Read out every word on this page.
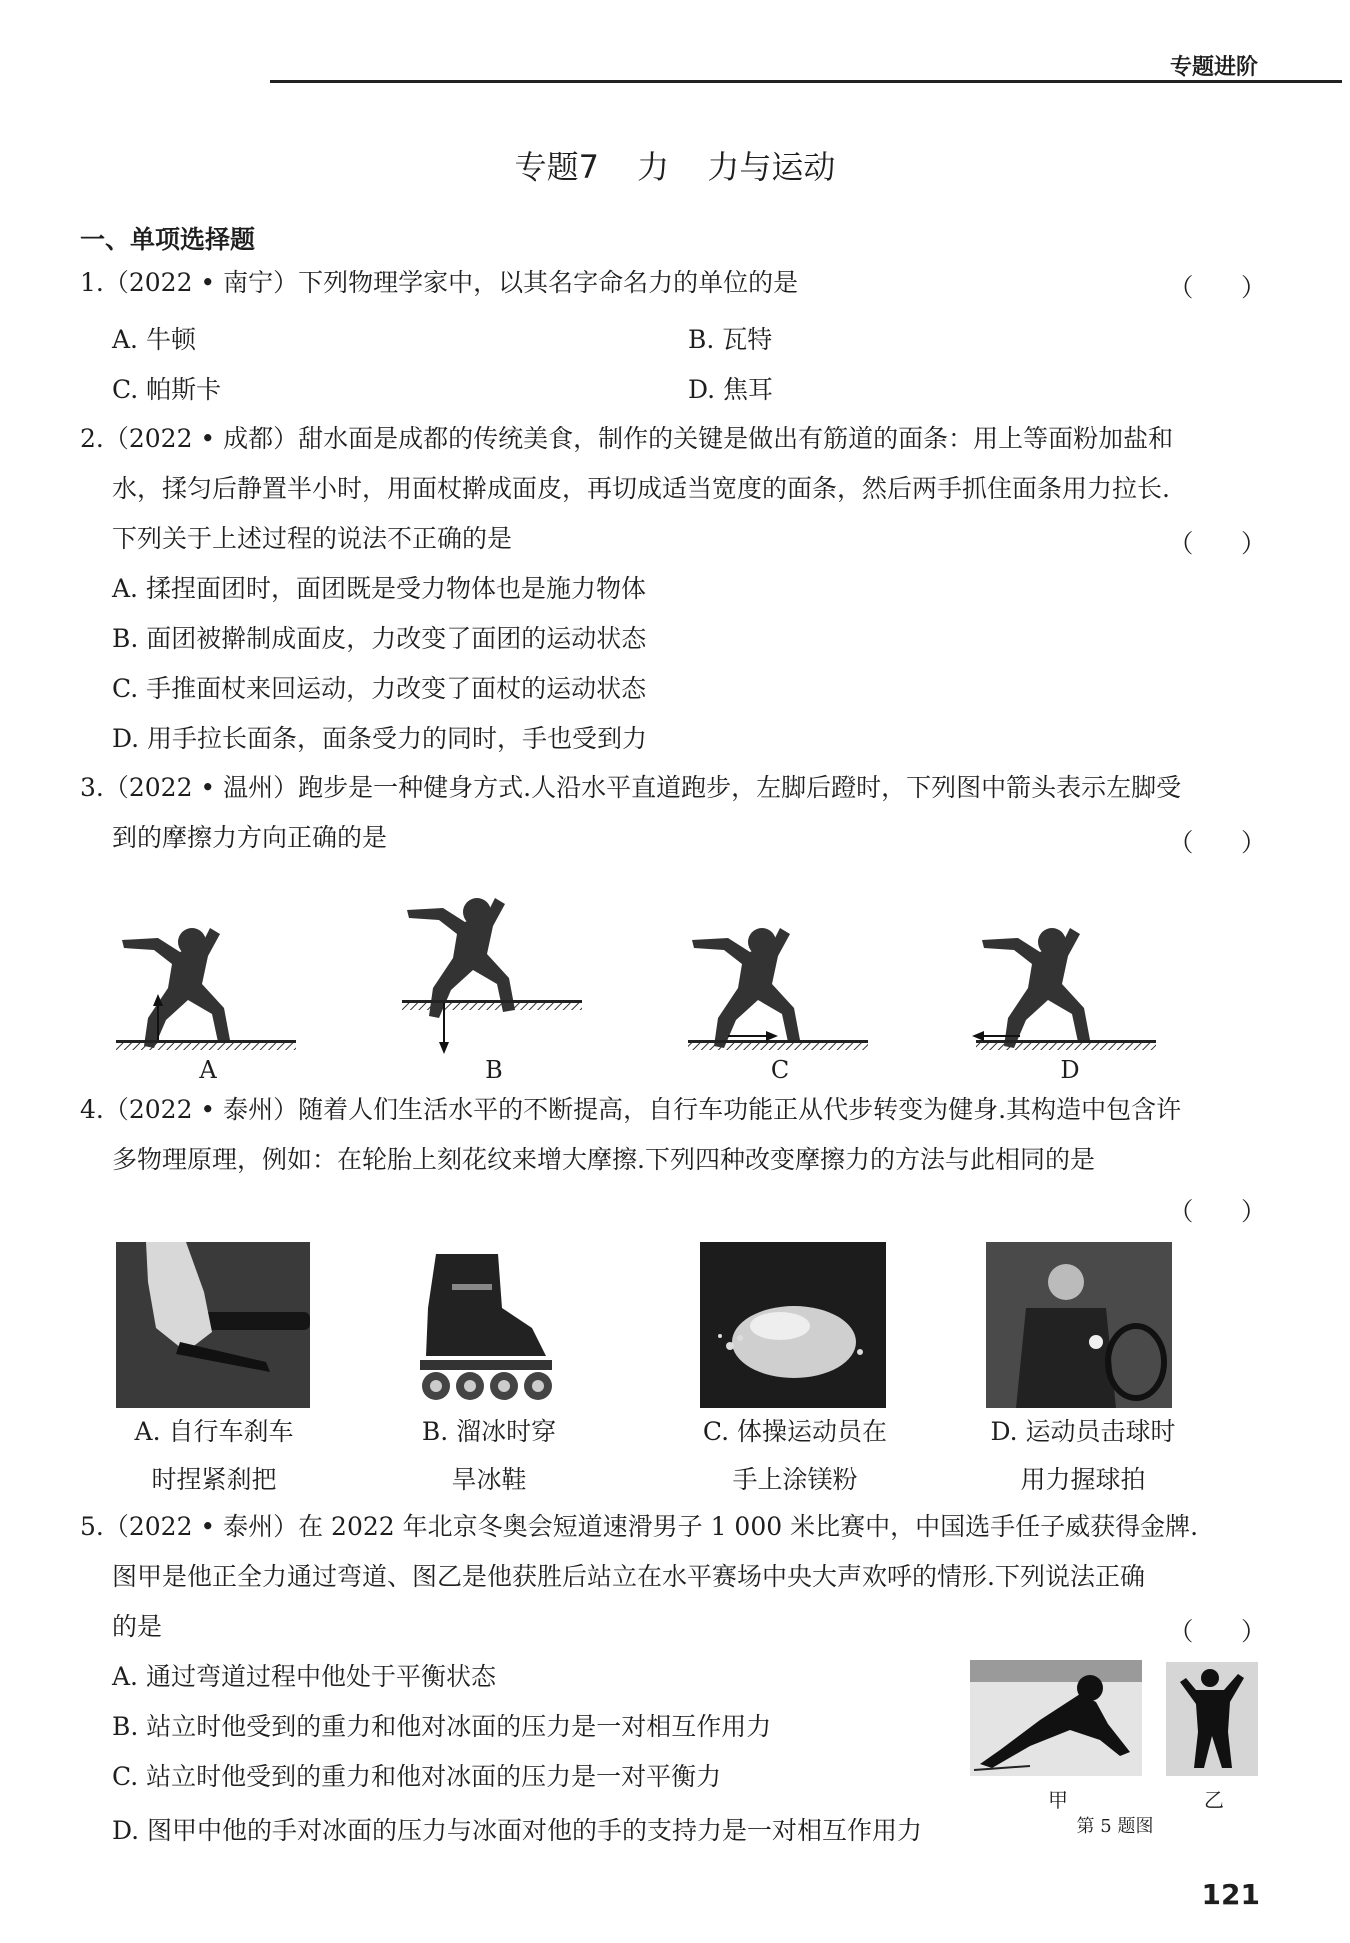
专题进阶
专题7 力 力与运动
一、单项选择题
1.（2022 • 南宁）下列物理学家中，以其名字命名力的单位的是	（      ）
A. 牛顿	B. 瓦特
C. 帕斯卡	D. 焦耳
2.（2022 • 成都）甜水面是成都的传统美食，制作的关键是做出有筋道的面条：用上等面粉加盐和
水，揉匀后静置半小时，用面杖擀成面皮，再切成适当宽度的面条，然后两手抓住面条用力拉长.
下列关于上述过程的说法不正确的是	（      ）
A. 揉捏面团时，面团既是受力物体也是施力物体
B. 面团被擀制成面皮，力改变了面团的运动状态
C. 手推面杖来回运动，力改变了面杖的运动状态
D. 用手拉长面条，面条受力的同时，手也受到力
3.（2022 • 温州）跑步是一种健身方式.人沿水平直道跑步，左脚后蹬时，下列图中箭头表示左脚受
到的摩擦力方向正确的是	（      ）
A	B	C	D
4.（2022 • 泰州）随着人们生活水平的不断提高，自行车功能正从代步转变为健身.其构造中包含许
多物理原理，例如：在轮胎上刻花纹来增大摩擦.下列四种改变摩擦力的方法与此相同的是
（      ）
A. 自行车刹车
时捏紧刹把
B. 溜冰时穿
旱冰鞋
C. 体操运动员在
手上涂镁粉
D. 运动员击球时
用力握球拍
5.（2022 • 泰州）在 2022 年北京冬奥会短道速滑男子 1 000 米比赛中，中国选手任子威获得金牌.
图甲是他正全力通过弯道、图乙是他获胜后站立在水平赛场中央大声欢呼的情形.下列说法正确
的是	（      ）
A. 通过弯道过程中他处于平衡状态
B. 站立时他受到的重力和他对冰面的压力是一对相互作用力
C. 站立时他受到的重力和他对冰面的压力是一对平衡力
D. 图甲中他的手对冰面的压力与冰面对他的手的支持力是一对相互作用力
甲	乙
第 5 题图
121
